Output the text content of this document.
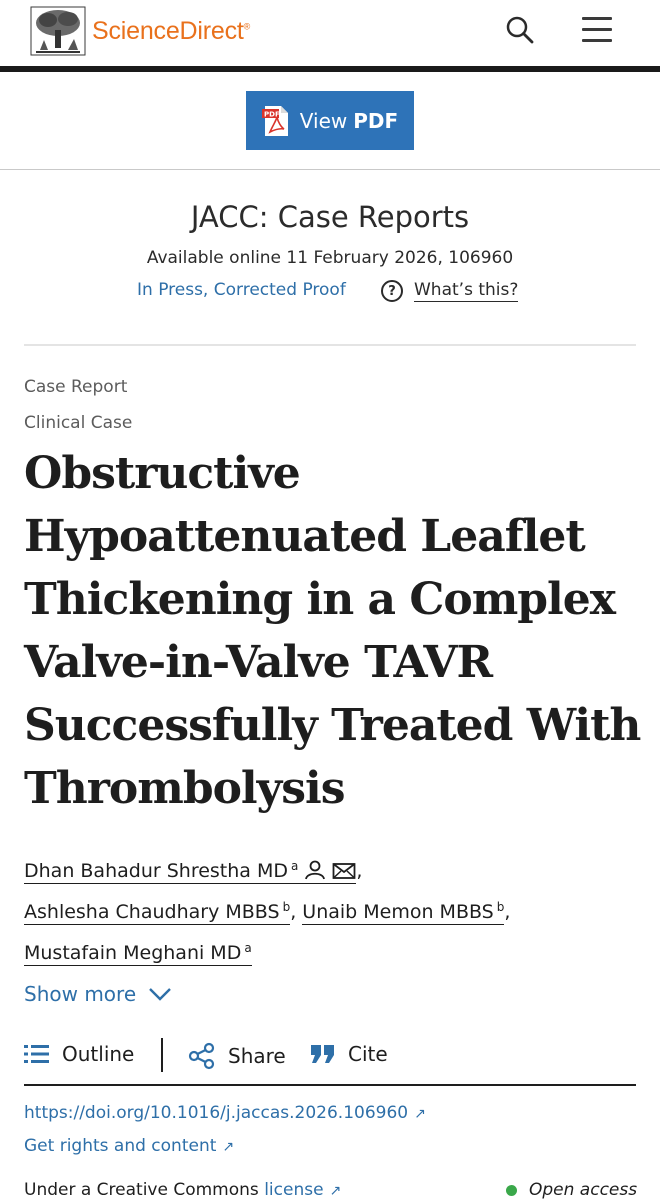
ScienceDirect®
PDF View PDF
JACC: Case Reports
Available online 11 February 2026, 106960
In Press, Corrected Proof	?	What’s this?
Case Report
Clinical Case
Obstructive
Hypoattenuated Leaflet
Thickening in a Complex
Valve-in-Valve TAVR
Successfully Treated With
Thrombolysis
Dhan Bahadur Shrestha MD $^a$	,
Ashlesha Chaudhary MBBS $^b$, Unaib Memon MBBS $^b$,
Mustafain Meghani MD $^a$
Show more
Outline	Share	Cite
https://doi.org/10.1016/j.jaccas.2026.106960 ↗
Get rights and content ↗
Under a Creative Commons license ↗	Open access
